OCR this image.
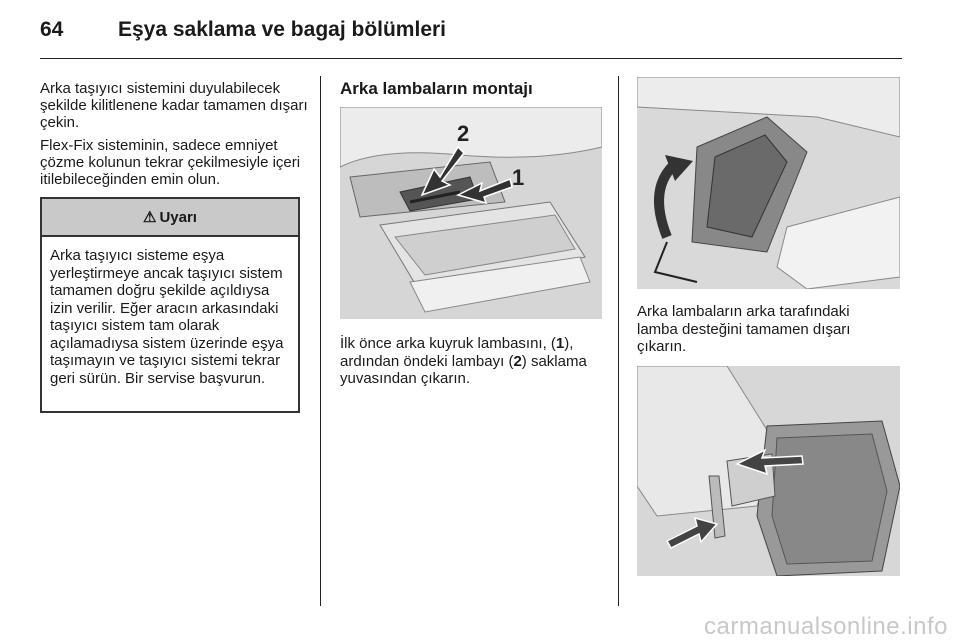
64	Eşya saklama ve bagaj bölümleri

Arka taşıyıcı sistemini duyulabilecek şekilde kilitlenene kadar tamamen dışarı çekin.

Flex-Fix sisteminin, sadece emniyet çözme kolunun tekrar çekilmesiyle içeri itilebileceğinden emin olun.

⚠ Uyarı
Arka taşıyıcı sisteme eşya yerleştirmeye ancak taşıyıcı sistem tamamen doğru şekilde açıldıysa izin verilir. Eğer aracın arkasındaki taşıyıcı sistem tam olarak açılamadıysa sistem üzerinde eşya taşımayın ve taşıyıcı sistemi tekrar geri sürün. Bir servise başvurun.
Arka lambaların montajı
2
1
İlk önce arka kuyruk lambasını, (1), ardından öndeki lambayı (2) saklama yuvasından çıkarın.
Arka lambaların arka tarafındaki lamba desteğini tamamen dışarı çıkarın.
carmanualsonline.info
